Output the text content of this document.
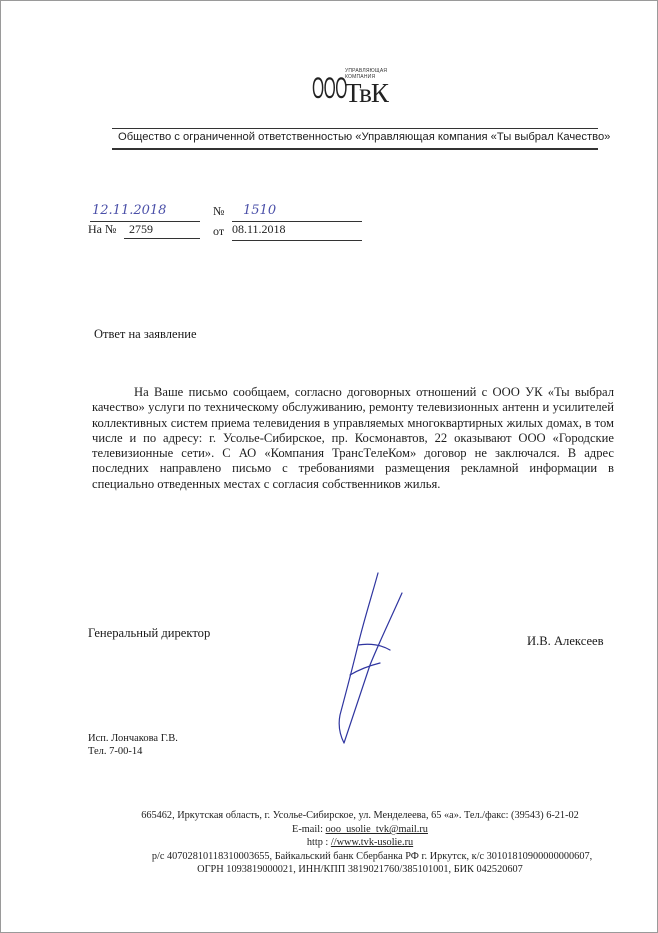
ООО
УПРАВЛЯЮЩАЯ КОМПАНИЯ
ТвК
Общество с ограниченной ответственностью «Управляющая компания «Ты выбрал Качество»
12.11.2018	№ 1510
На № 2759	от 08.11.2018
Ответ на заявление
На Ваше письмо сообщаем, согласно договорных отношений с ООО УК «Ты выбрал качество» услуги по техническому обслуживанию, ремонту телевизионных антенн и усилителей коллективных систем приема телевидения в управляемых многоквартирных жилых домах, в том числе и по адресу: г. Усолье-Сибирское, пр. Космонавтов, 22 оказывают ООО «Городские телевизионные сети». С АО «Компания ТрансТелеКом» договор не заключался. В адрес последних направлено письмо с требованиями размещения рекламной информации в специально отведенных местах с согласия собственников жилья.
Генеральный директор
И.В. Алексеев
Исп. Лончакова Г.В.
Тел. 7-00-14
665462, Иркутская область, г. Усолье-Сибирское, ул. Менделеева, 65 «а». Тел./факс: (39543) 6-21-02
E-mail: ooo_usolie_tvk@mail.ru
http : //www.tvk-usolie.ru
р/с 40702810118310003655, Байкальский банк Сбербанка РФ г. Иркутск, к/с 30101810900000000607,
ОГРН 1093819000021, ИНН/КПП 3819021760/385101001, БИК 042520607
